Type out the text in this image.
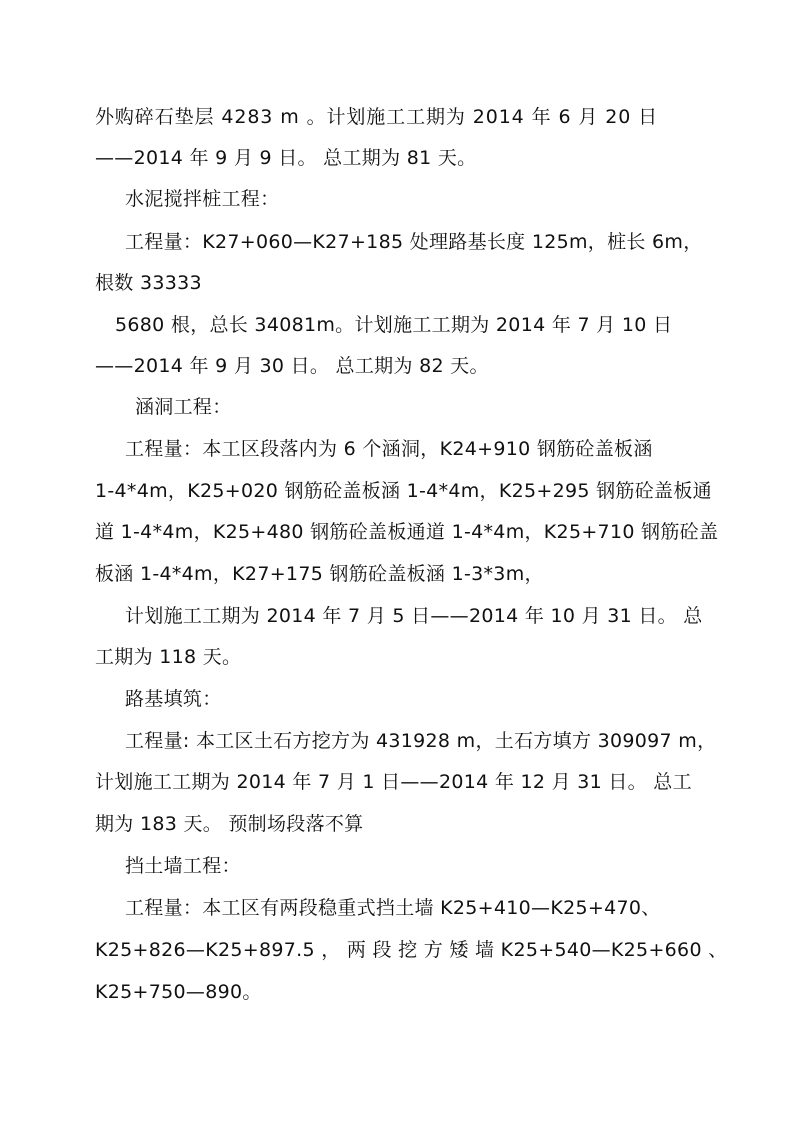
外购碎石垫层 4283 m 。计划施工工期为 2014 年 6 月 20 日
——2014 年 9 月 9 日。 总工期为 81 天。
水泥搅拌桩工程：
工程量：K27+060—K27+185 处理路基长度 125m，桩长 6m，
根数 33333
5680 根，总长 34081m。计划施工工期为 2014 年 7 月 10 日
——2014 年 9 月 30 日。 总工期为 82 天。
涵洞工程：
工程量：本工区段落内为 6 个涵洞，K24+910 钢筋砼盖板涵
1-4*4m，K25+020 钢筋砼盖板涵 1-4*4m，K25+295 钢筋砼盖板通
道 1-4*4m，K25+480 钢筋砼盖板通道 1-4*4m，K25+710 钢筋砼盖
板涵 1-4*4m，K27+175 钢筋砼盖板涵 1-3*3m，
计划施工工期为 2014 年 7 月 5 日——2014 年 10 月 31 日。 总
工期为 118 天。
路基填筑：
工程量: 本工区土石方挖方为 431928 m，土石方填方 309097 m，
计划施工工期为 2014 年 7 月 1 日——2014 年 12 月 31 日。 总工
期为 183 天。 预制场段落不算
挡土墙工程：
工程量：本工区有两段稳重式挡土墙 K25+410—K25+470、
K25+826—K25+897.5 ， 两 段 挖 方 矮 墙 K25+540—K25+660 、
K25+750—890。
